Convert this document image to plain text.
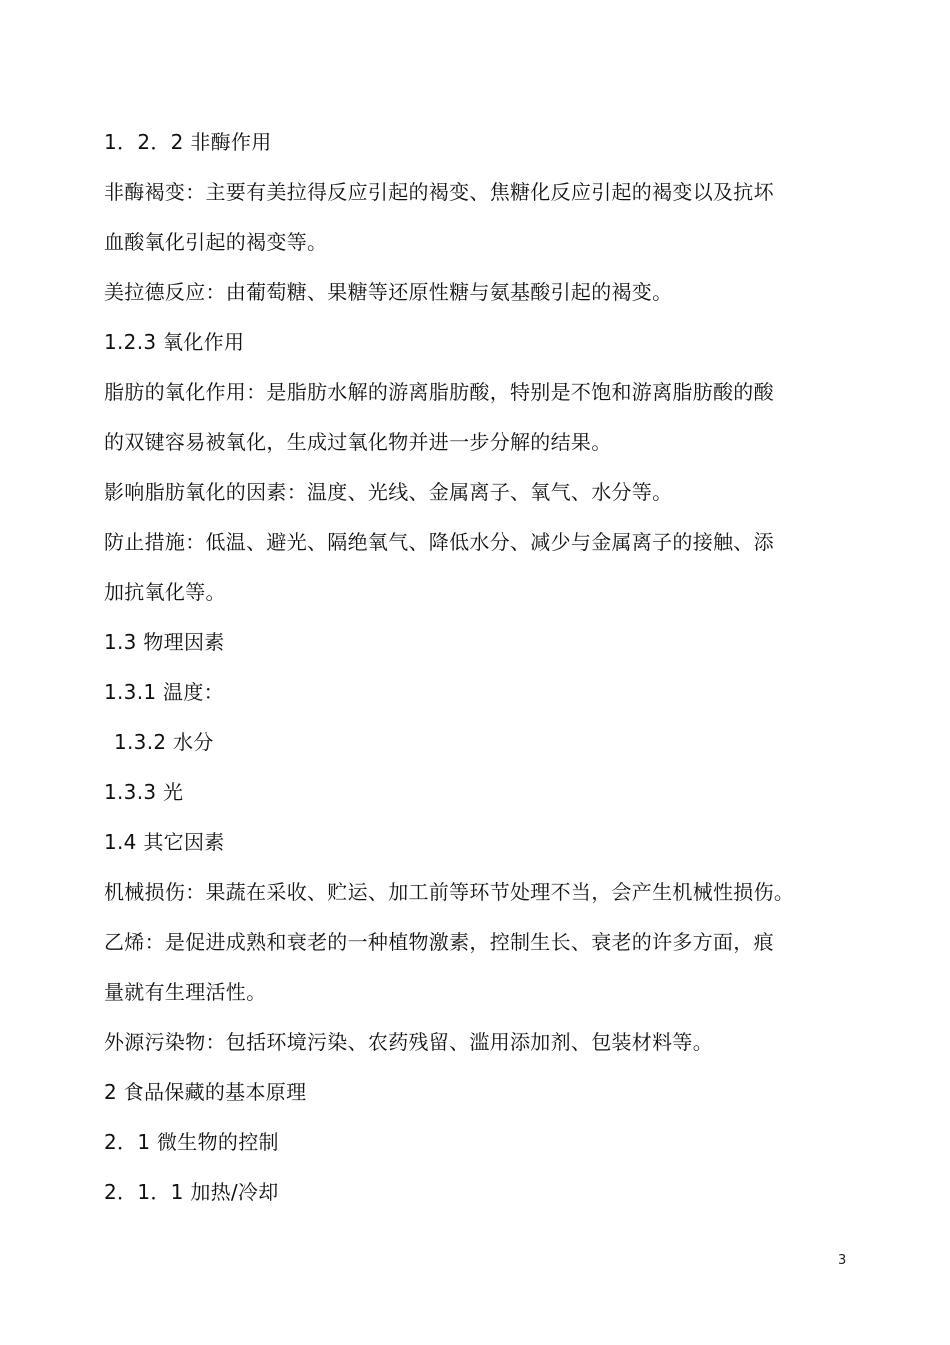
1．2．2 非酶作用
非酶褐变：主要有美拉得反应引起的褐变、焦糖化反应引起的褐变以及抗坏
血酸氧化引起的褐变等。
美拉德反应：由葡萄糖、果糖等还原性糖与氨基酸引起的褐变。
1.2.3 氧化作用
脂肪的氧化作用：是脂肪水解的游离脂肪酸，特别是不饱和游离脂肪酸的酸
的双键容易被氧化，生成过氧化物并进一步分解的结果。
影响脂肪氧化的因素：温度、光线、金属离子、氧气、水分等。
防止措施：低温、避光、隔绝氧气、降低水分、减少与金属离子的接触、添
加抗氧化等。
1.3 物理因素
1.3.1 温度：
1.3.2 水分
1.3.3 光
1.4 其它因素
机械损伤：果蔬在采收、贮运、加工前等环节处理不当，会产生机械性损伤。
乙烯：是促进成熟和衰老的一种植物激素，控制生长、衰老的许多方面，痕
量就有生理活性。
外源污染物：包括环境污染、农药残留、滥用添加剂、包装材料等。
2 食品保藏的基本原理
2．1 微生物的控制
2．1．1 加热/冷却
3
